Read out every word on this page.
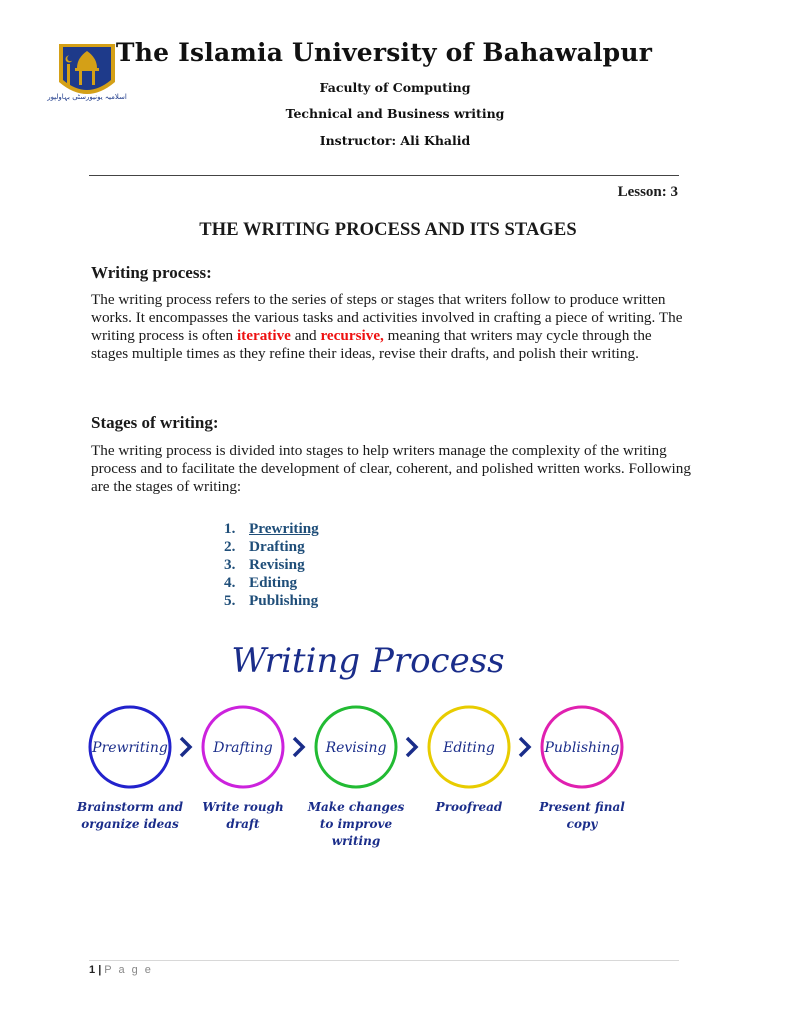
اسلامیہ یونیورسٹی بہاولپور
The Islamia University of Bahawalpur
Faculty of Computing
Technical and Business writing
Instructor: Ali Khalid
Lesson: 3
THE WRITING PROCESS AND ITS STAGES
Writing process:
The writing process refers to the series of steps or stages that writers follow to produce written works. It encompasses the various tasks and activities involved in crafting a piece of writing. The writing process is often iterative and recursive, meaning that writers may cycle through the stages multiple times as they refine their ideas, revise their drafts, and polish their writing.
Stages of writing:
The writing process is divided into stages to help writers manage the complexity of the writing process and to facilitate the development of clear, coherent, and polished written works. Following are the stages of writing:
1. Prewriting
2. Drafting
3. Revising
4. Editing
5. Publishing
Writing Process
Prewriting
Brainstorm and
organize ideas
Drafting
Write rough
draft
Revising
Make changes
to improve
writing
Editing
Proofread
Publishing
Present final
copy
1 | P a g e
